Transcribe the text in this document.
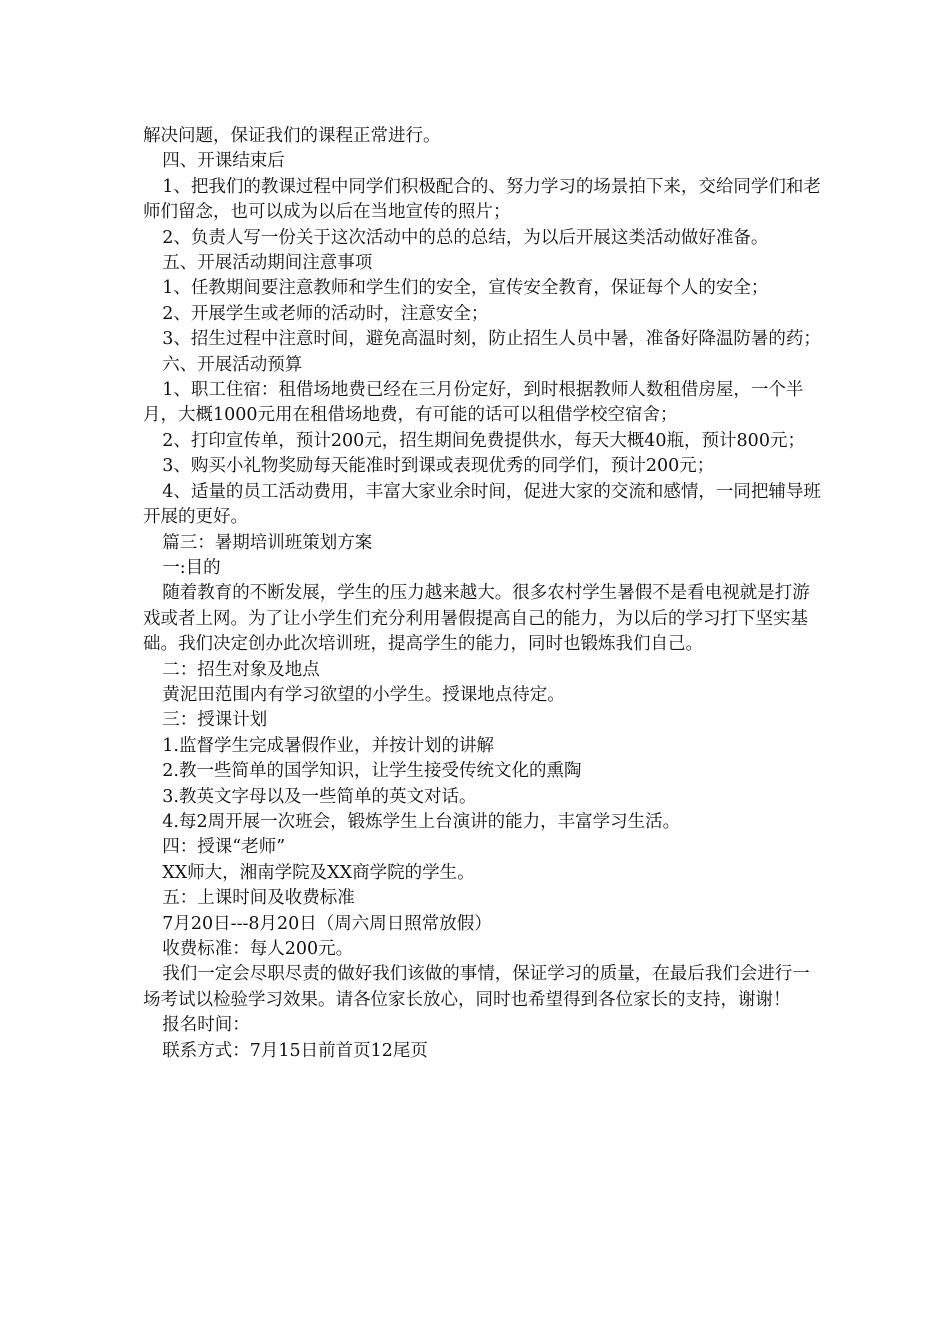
解决问题，保证我们的课程正常进行。

四、开课结束后

1、把我们的教课过程中同学们积极配合的、努力学习的场景拍下来，交给同学们和老师们留念，也可以成为以后在当地宣传的照片；

2、负责人写一份关于这次活动中的总的总结，为以后开展这类活动做好准备。

五、开展活动期间注意事项

1、任教期间要注意教师和学生们的安全，宣传安全教育，保证每个人的安全；

2、开展学生或老师的活动时，注意安全；

3、招生过程中注意时间，避免高温时刻，防止招生人员中暑，准备好降温防暑的药；

六、开展活动预算

1、职工住宿：租借场地费已经在三月份定好，到时根据教师人数租借房屋，一个半月，大概1000元用在租借场地费，有可能的话可以租借学校空宿舍；

2、打印宣传单，预计200元，招生期间免费提供水，每天大概40瓶，预计800元；

3、购买小礼物奖励每天能准时到课或表现优秀的同学们，预计200元；

4、适量的员工活动费用，丰富大家业余时间，促进大家的交流和感情，一同把辅导班开展的更好。

篇三：暑期培训班策划方案

一:目的

随着教育的不断发展，学生的压力越来越大。很多农村学生暑假不是看电视就是打游戏或者上网。为了让小学生们充分利用暑假提高自己的能力，为以后的学习打下坚实基础。我们决定创办此次培训班，提高学生的能力，同时也锻炼我们自己。

二：招生对象及地点

黄泥田范围内有学习欲望的小学生。授课地点待定。

三：授课计划

1.监督学生完成暑假作业，并按计划的讲解

2.教一些简单的国学知识，让学生接受传统文化的熏陶

3.教英文字母以及一些简单的英文对话。

4.每2周开展一次班会，锻炼学生上台演讲的能力，丰富学习生活。

四：授课“老师”

XX师大，湘南学院及XX商学院的学生。

五：上课时间及收费标准

7月20日---8月20日（周六周日照常放假）

收费标准：每人200元。

我们一定会尽职尽责的做好我们该做的事情，保证学习的质量，在最后我们会进行一场考试以检验学习效果。请各位家长放心，同时也希望得到各位家长的支持，谢谢！

报名时间：

联系方式：7月15日前首页12尾页
